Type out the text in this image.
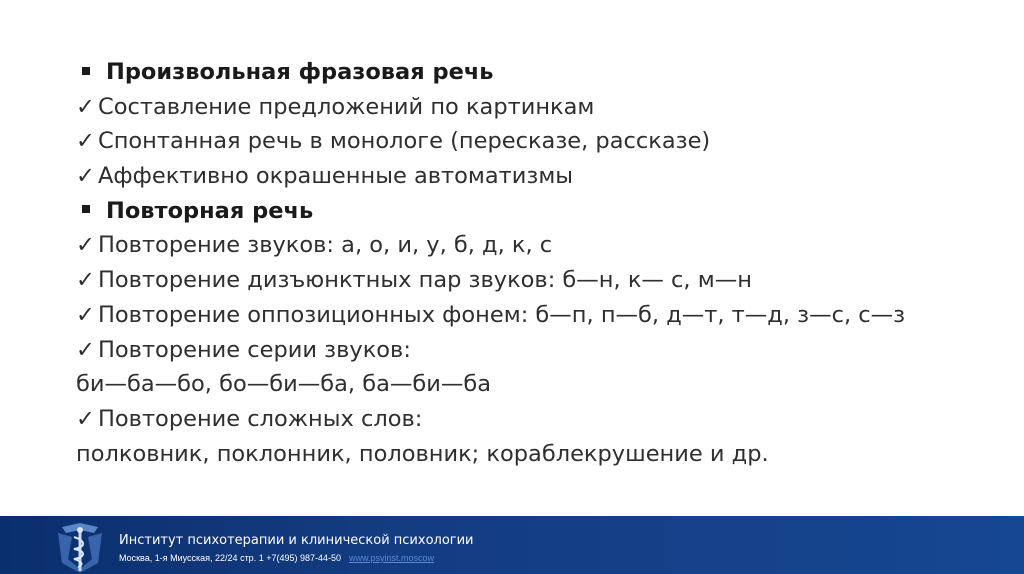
Произвольная фразовая речь
✓ Составление предложений по картинкам
✓ Спонтанная речь в монологе (пересказе, рассказе)
✓ Аффективно окрашенные автоматизмы
Повторная речь
✓ Повторение звуков: а, о, и, у, б, д, к, с
✓ Повторение дизъюнктных пар звуков: б—н, к— с, м—н
✓ Повторение оппозиционных фонем: б—п, п—б, д—т, т—д, з—с, с—з
✓ Повторение серии звуков:
би—ба—бо, бо—би—ба, ба—би—ба
✓ Повторение сложных слов:
полковник, поклонник, половник; кораблекрушение и др.
Институт психотерапии и клинической психологии
Москва, 1-я Миусская, 22/24 стр. 1 +7(495) 987-44-50 www.psyinst.moscow
